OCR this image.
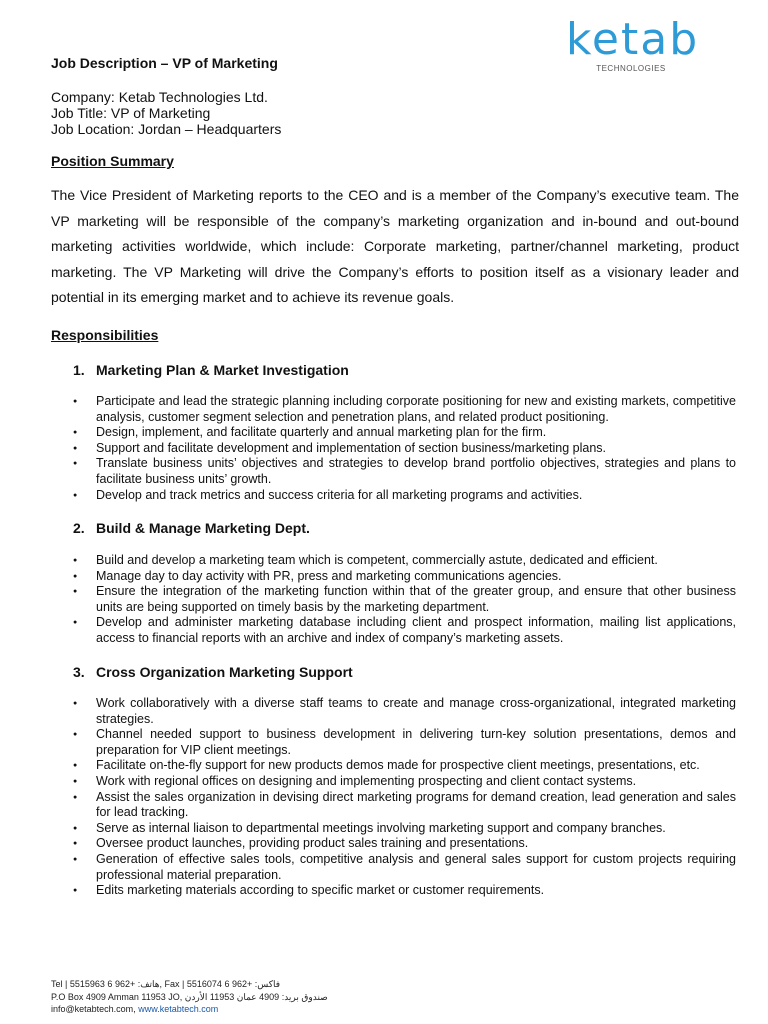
ketab
TECHNOLOGIES
Job Description – VP of Marketing
Company: Ketab Technologies Ltd.
Job Title: VP of Marketing
Job Location: Jordan – Headquarters
Position Summary
The Vice President of Marketing reports to the CEO and is a member of the Company’s executive team. The VP marketing will be responsible of the company’s marketing organization and in-bound and out-bound marketing activities worldwide, which include: Corporate marketing, partner/channel marketing, product marketing. The VP Marketing will drive the Company’s efforts to position itself as a visionary leader and potential in its emerging market and to achieve its revenue goals.
Responsibilities
1. Marketing Plan & Market Investigation
● Participate and lead the strategic planning including corporate positioning for new and existing markets, competitive analysis, customer segment selection and penetration plans, and related product positioning.
● Design, implement, and facilitate quarterly and annual marketing plan for the firm.
● Support and facilitate development and implementation of section business/marketing plans.
● Translate business units’ objectives and strategies to develop brand portfolio objectives, strategies and plans to facilitate business units’ growth.
● Develop and track metrics and success criteria for all marketing programs and activities.
2. Build & Manage Marketing Dept.
● Build and develop a marketing team which is competent, commercially astute, dedicated and efficient.
● Manage day to day activity with PR, press and marketing communications agencies.
● Ensure the integration of the marketing function within that of the greater group, and ensure that other business units are being supported on timely basis by the marketing department.
● Develop and administer marketing database including client and prospect information, mailing list applications, access to financial reports with an archive and index of company’s marketing assets.
3. Cross Organization Marketing Support
● Work collaboratively with a diverse staff teams to create and manage cross-organizational, integrated marketing strategies.
● Channel needed support to business development in delivering turn-key solution presentations, demos and preparation for VIP client meetings.
● Facilitate on-the-fly support for new products demos made for prospective client meetings, presentations, etc.
● Work with regional offices on designing and implementing prospecting and client contact systems.
● Assist the sales organization in devising direct marketing programs for demand creation, lead generation and sales for lead tracking.
● Serve as internal liaison to departmental meetings involving marketing support and company branches.
● Oversee product launches, providing product sales training and presentations.
● Generation of effective sales tools, competitive analysis and general sales support for custom projects requiring professional material preparation.
● Edits marketing materials according to specific market or customer requirements.
Tel | هاتف: +962 6 5515963, Fax | فاكس: +962 6 5516074
P.O Box 4909 Amman 11953 JO, صندوق بريد: 4909 عمان 11953 الأردن
info@ketabtech.com, www.ketabtech.com
